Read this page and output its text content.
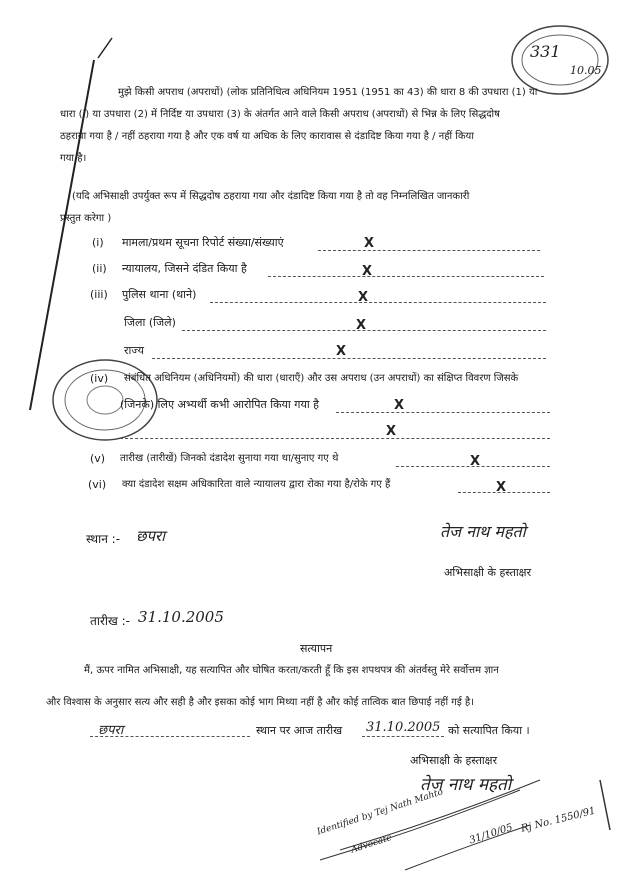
331
10.05
मुझे किसी अपराध (अपराधों) (लोक प्रतिनिधित्व अधिनियम 1951 (1951 का 43) की धारा 8 की उपधारा (1) या
धारा (i) या उपधारा (2) में निर्दिष्ट या उपधारा (3) के अंतर्गत आने वाले किसी अपराध (अपराधों) से भिन्न के लिए सिद्धदोष
ठहराया गया है / नहीं ठहराया गया है और एक वर्ष या अधिक के लिए कारावास से दंडादिष्ट किया गया है / नहीं किया
गया है।
(यदि अभिसाक्षी उपर्युक्त रूप में सिद्धदोष ठहराया गया और दंडादिष्ट किया गया है तो वह निम्नलिखित जानकारी
प्रस्तुत करेगा )
(i) मामला/प्रथम सूचना रिपोर्ट संख्या/संख्याएं	X
(ii) न्यायालय, जिसने दंडित किया है	X
(iii) पुलिस थाना (थाने)	X
जिला (जिले)	X
राज्य	X
(iv) संबंधित अधिनियम (अधिनियमों) की धारा (धाराएँ) और उस अपराध (उन अपराधों) का संक्षिप्त विवरण जिसके
(जिनके) लिए अभ्यर्थी कभी आरोपित किया गया है	X
X
(v) तारीख (तारीखें) जिनको दंडादेश सुनाया गया था/सुनाए गए थे	X
(vi) क्या दंडादेश सक्षम अधिकारिता वाले न्यायालय द्वारा रोका गया है/रोके गए हैं	X
स्थान :- छपरा	तेज नाथ महतो
अभिसाक्षी के हस्ताक्षर
तारीख :- 31.10.2005
सत्यापन
मैं, ऊपर नामित अभिसाक्षी, यह सत्यापित और घोषित करता/करती हूँ कि इस शपथपत्र की अंतर्वस्तु मेरे सर्वोत्तम ज्ञान
और विश्वास के अनुसार सत्य और सही है और इसका कोई भाग मिथ्या नहीं है और कोई तात्विक बात छिपाई नहीं गई है।
छपरा	स्थान पर आज तारीख 31.10.2005 को सत्यापित किया ।
अभिसाक्षी के हस्ताक्षर
तेज नाथ महतो
Identified by Tej Nath Mahto
Advocate	31/10/05 Rj No. 1550/91
